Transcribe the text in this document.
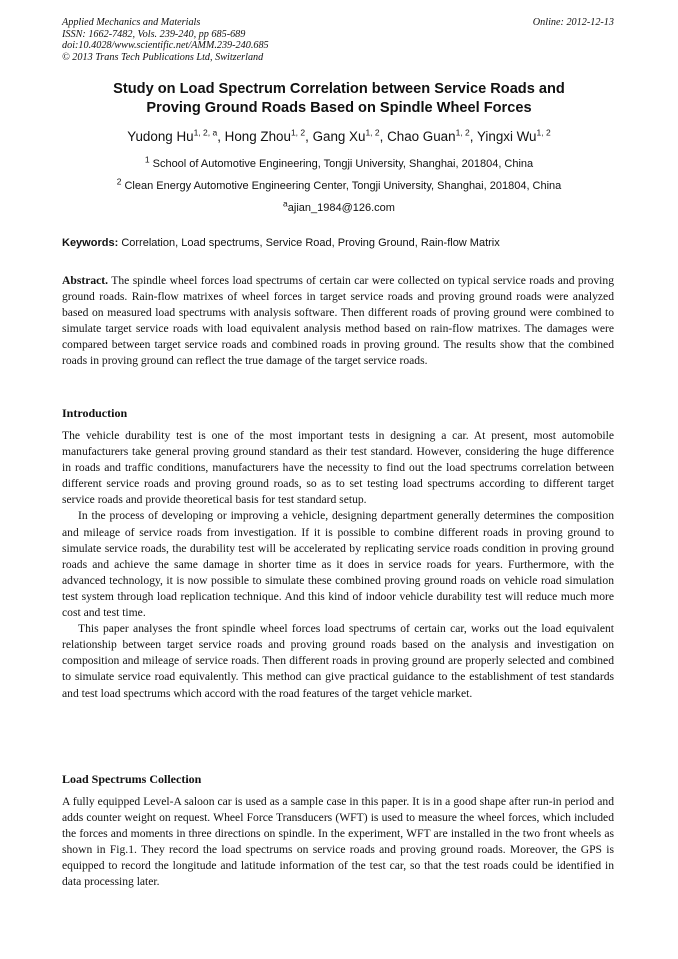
Applied Mechanics and Materials
ISSN: 1662-7482, Vols. 239-240, pp 685-689
doi:10.4028/www.scientific.net/AMM.239-240.685
© 2013 Trans Tech Publications Ltd, Switzerland
Online: 2012-12-13
Study on Load Spectrum Correlation between Service Roads and
Proving Ground Roads Based on Spindle Wheel Forces
Yudong Hu$^{1, 2, a}$, Hong Zhou$^{1, 2}$, Gang Xu$^{1, 2}$, Chao Guan$^{1, 2}$, Yingxi Wu$^{1, 2}$
$^1$ School of Automotive Engineering, Tongji University, Shanghai, 201804, China
$^2$ Clean Energy Automotive Engineering Center, Tongji University, Shanghai, 201804, China
$^a$ajian_1984@126.com
Keywords: Correlation, Load spectrums, Service Road, Proving Ground, Rain-flow Matrix

Abstract. The spindle wheel forces load spectrums of certain car were collected on typical service roads and proving ground roads. Rain-flow matrixes of wheel forces in target service roads and proving ground roads were analyzed based on measured load spectrums with analysis software. Then different roads of proving ground were combined to simulate target service roads with load equivalent analysis method based on rain-flow matrixes. The damages were compared between target service roads and combined roads in proving ground. The results show that the combined roads in proving ground can reflect the true damage of the target service roads.

Introduction

The vehicle durability test is one of the most important tests in designing a car. At present, most automobile manufacturers take general proving ground standard as their test standard. However, considering the huge difference in roads and traffic conditions, manufacturers have the necessity to find out the load spectrums correlation between different service roads and proving ground roads, so as to set testing load spectrums according to different target service roads and provide theoretical basis for test standard setup.

In the process of developing or improving a vehicle, designing department generally determines the composition and mileage of service roads from investigation. If it is possible to combine different roads in proving ground to simulate service roads, the durability test will be accelerated by replicating service roads condition in proving ground roads and achieve the same damage in shorter time as it does in service roads for years. Furthermore, with the advanced technology, it is now possible to simulate these combined proving ground roads on vehicle road simulation test system through load replication technique. And this kind of indoor vehicle durability test will reduce much more cost and test time.

This paper analyses the front spindle wheel forces load spectrums of certain car, works out the load equivalent relationship between target service roads and proving ground roads based on the analysis and investigation on composition and mileage of service roads. Then different roads in proving ground are properly selected and combined to simulate service road equivalently. This method can give practical guidance to the establishment of test standards and test load spectrums which accord with the road features of the target vehicle market.

Load Spectrums Collection

A fully equipped Level-A saloon car is used as a sample case in this paper. It is in a good shape after run-in period and adds counter weight on request. Wheel Force Transducers (WFT) is used to measure the wheel forces, which included the forces and moments in three directions on spindle. In the experiment, WFT are installed in the two front wheels as shown in Fig.1. They record the load spectrums on service roads and proving ground roads. Moreover, the GPS is equipped to record the longitude and latitude information of the test car, so that the test roads could be identified in data processing later.
